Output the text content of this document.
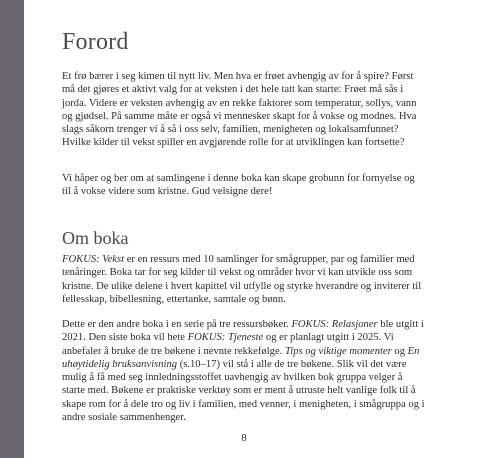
Forord

Et frø bærer i seg kimen til nytt liv. Men hva er frøet avhengig av for å spire? Først må det gjøres et aktivt valg for at veksten i det hele tatt kan starte: Frøet må sås i jorda. Videre er veksten avhengig av en rekke faktorer som temperatur, sollys, vann og gjødsel. På samme måte er også vi mennesker skapt for å vokse og modnes. Hva slags såkorn trenger vi å så i oss selv, familien, menigheten og lokalsamfunnet? Hvilke kilder til vekst spiller en avgjørende rolle for at utviklingen kan fortsette?

Vi håper og ber om at samlingene i denne boka kan skape grobunn for fornyelse og til å vokse videre som kristne. Gud velsigne dere!

Om boka

FOKUS: Vekst er en ressurs med 10 samlinger for smågrupper, par og familier med tenåringer. Boka tar for seg kilder til vekst og områder hvor vi kan utvikle oss som kristne. De ulike delene i hvert kapittel vil utfylle og styrke hverandre og inviterer til fellesskap, bibellesning, ettertanke, samtale og bønn.

Dette er den andre boka i en serie på tre ressursbøker. FOKUS: Relasjoner ble utgitt i 2021. Den siste boka vil hete FOKUS: Tjeneste og er planlagt utgitt i 2025. Vi anbefaler å bruke de tre bøkene i nevnte rekkefølge. Tips og viktige momenter og En uhøytidelig bruksanvisning (s.10–17) vil stå i alle de tre bøkene. Slik vil det være mulig å få med seg innledningsstoffet uavhengig av hvilken bok gruppa velger å starte med. Bøkene er praktiske verktøy som er ment å utruste helt vanlige folk til å skape rom for å dele tro og liv i familien, med venner, i menigheten, i smågruppa og i andre sosiale sammenhenger.

8
